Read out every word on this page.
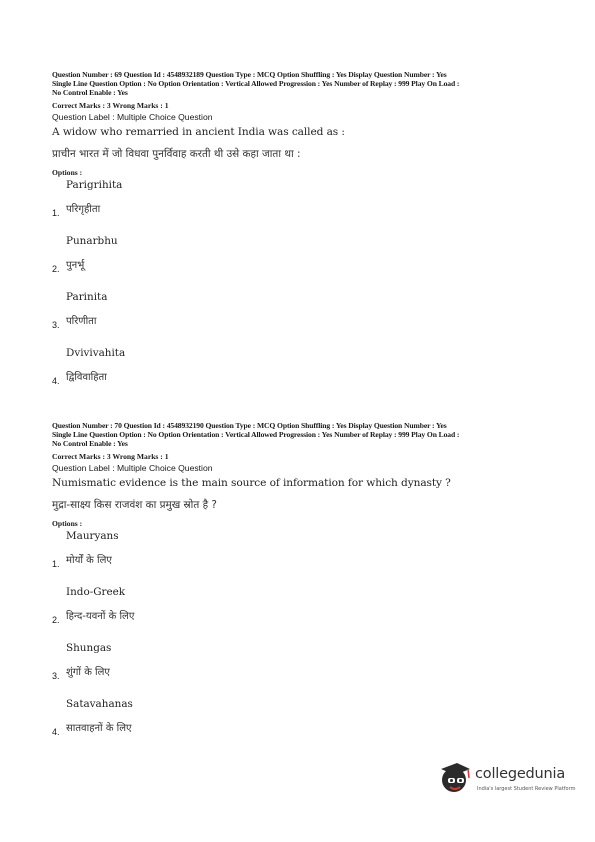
Question Number : 69 Question Id : 4548932189 Question Type : MCQ Option Shuffling : Yes Display Question Number : Yes
Single Line Question Option : No Option Orientation : Vertical Allowed Progression : Yes Number of Replay : 999 Play On Load :
No Control Enable : Yes
Correct Marks : 3 Wrong Marks : 1
Question Label : Multiple Choice Question
A widow who remarried in ancient India was called as :
प्राचीन भारत में जो विधवा पुनर्विवाह करती थी उसे कहा जाता था :
Options :
Parigrihita
1. परिगृहीता
Punarbhu
2. पुनर्भू
Parinita
3. परिणीता
Dvivivahita
4. द्विविवाहिता
Question Number : 70 Question Id : 4548932190 Question Type : MCQ Option Shuffling : Yes Display Question Number : Yes
Single Line Question Option : No Option Orientation : Vertical Allowed Progression : Yes Number of Replay : 999 Play On Load :
No Control Enable : Yes
Correct Marks : 3 Wrong Marks : 1
Question Label : Multiple Choice Question
Numismatic evidence is the main source of information for which dynasty ?
मुद्रा-साक्ष्य किस राजवंश का प्रमुख स्रोत है ?
Options :
Mauryans
1. मोर्यों के लिए
Indo-Greek
2. हिन्द-यवनों के लिए
Shungas
3. शुंगों के लिए
Satavahanas
4. सातवाहनों के लिए
collegedunia
India's largest Student Review Platform
